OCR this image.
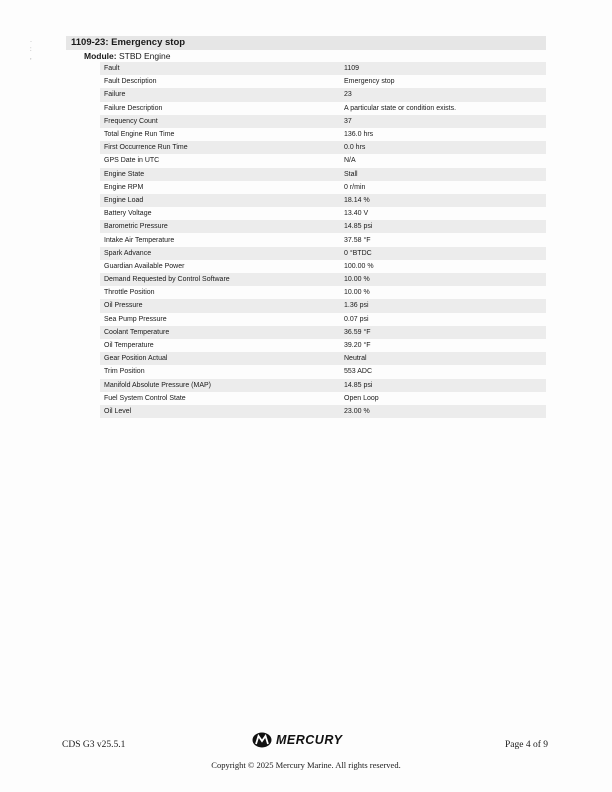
·
:
,
1109-23: Emergency stop
Module: STBD Engine
Fault	1109
Fault Description	Emergency stop
Failure	23
Failure Description	A particular state or condition exists.
Frequency Count	37
Total Engine Run Time	136.0 hrs
First Occurrence Run Time	0.0 hrs
GPS Date in UTC	N/A
Engine State	Stall
Engine RPM	0 r/min
Engine Load	18.14 %
Battery Voltage	13.40 V
Barometric Pressure	14.85 psi
Intake Air Temperature	37.58 °F
Spark Advance	0 °BTDC
Guardian Available Power	100.00 %
Demand Requested by Control Software	10.00 %
Throttle Position	10.00 %
Oil Pressure	1.36 psi
Sea Pump Pressure	0.07 psi
Coolant Temperature	36.59 °F
Oil Temperature	39.20 °F
Gear Position Actual	Neutral
Trim Position	553 ADC
Manifold Absolute Pressure (MAP)	14.85 psi
Fuel System Control State	Open Loop
Oil Level	23.00 %
CDS G3 v25.5.1	MERCURY	Page 4 of 9
Copyright © 2025 Mercury Marine. All rights reserved.
